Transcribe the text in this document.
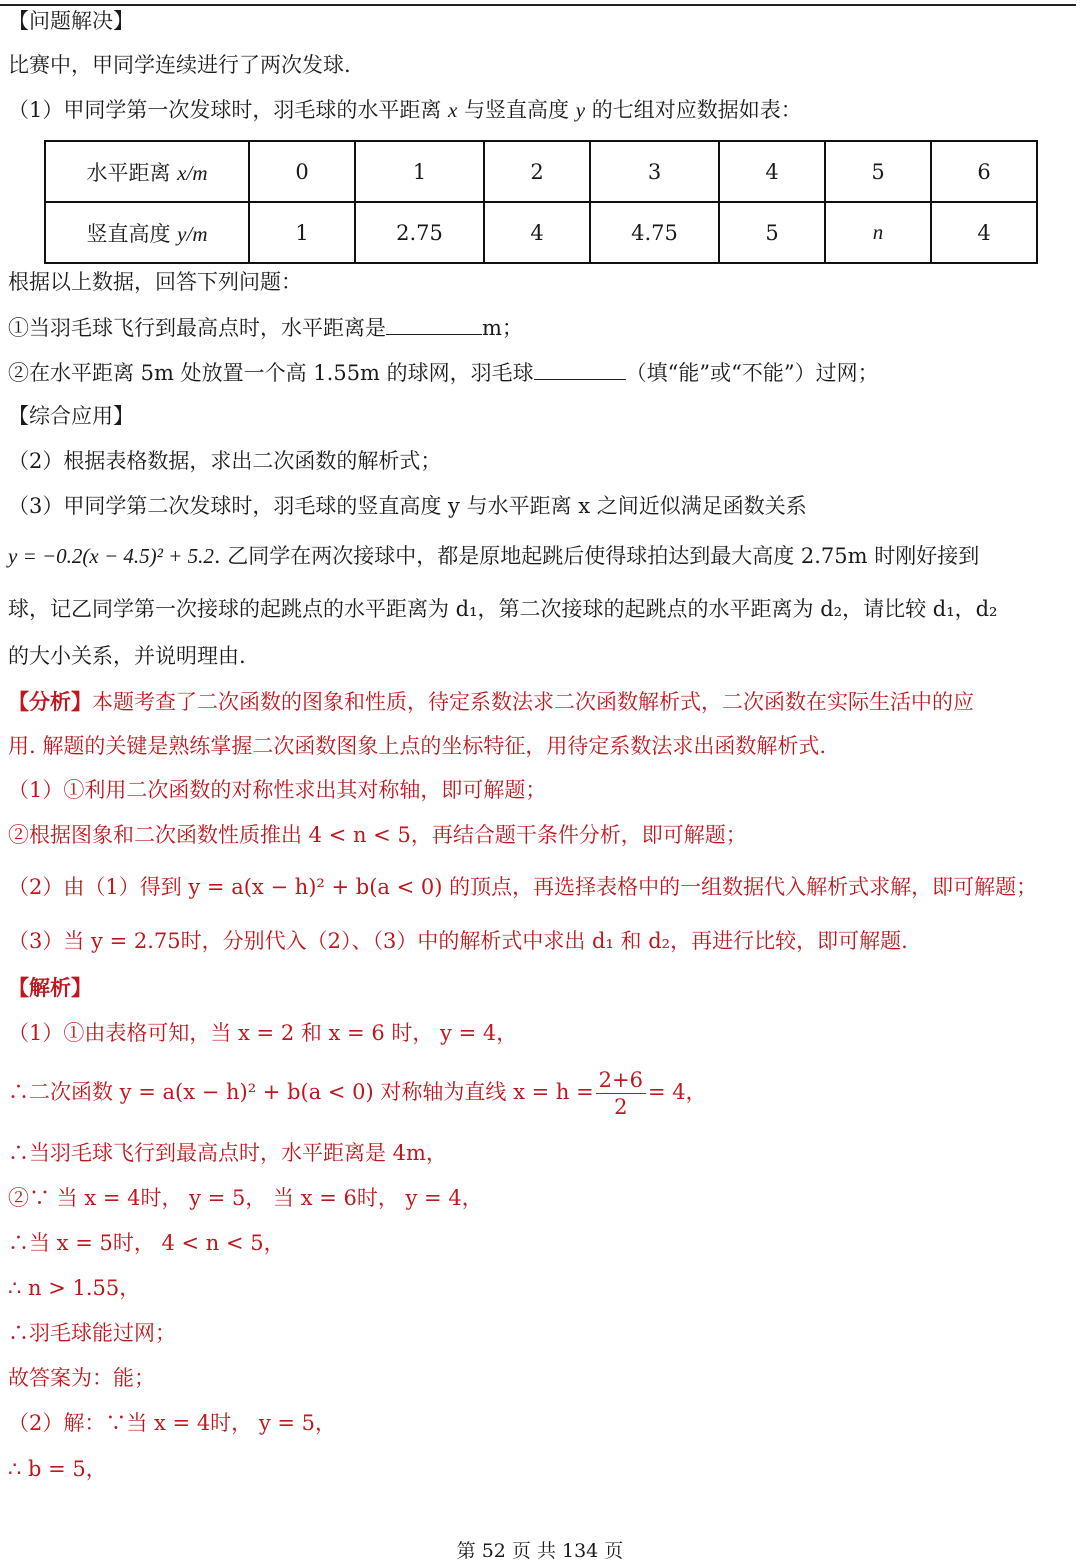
【问题解决】
比赛中，甲同学连续进行了两次发球.
（1）甲同学第一次发球时，羽毛球的水平距离 x 与竖直高度 y 的七组对应数据如表：
水平距离 x/m	0	1	2	3	4	5	6
竖直高度 y/m	1	2.75	4	4.75	5	n	4
根据以上数据，回答下列问题：
①当羽毛球飞行到最高点时，水平距离是	m；
②在水平距离 5m 处放置一个高 1.55m 的球网，羽毛球	（填“能”或“不能”）过网；
【综合应用】
（2）根据表格数据，求出二次函数的解析式；
（3）甲同学第二次发球时，羽毛球的竖直高度 y 与水平距离 x 之间近似满足函数关系
y = −0.2(x − 4.5)² + 5.2. 乙同学在两次接球中，都是原地起跳后使得球拍达到最大高度 2.75m 时刚好接到
球，记乙同学第一次接球的起跳点的水平距离为 d₁，第二次接球的起跳点的水平距离为 d₂，请比较 d₁，d₂
的大小关系，并说明理由.
【分析】本题考查了二次函数的图象和性质，待定系数法求二次函数解析式，二次函数在实际生活中的应
用. 解题的关键是熟练掌握二次函数图象上点的坐标特征，用待定系数法求出函数解析式.
（1）①利用二次函数的对称性求出其对称轴，即可解题；
②根据图象和二次函数性质推出 4 < n < 5，再结合题干条件分析，即可解题；
（2）由（1）得到 y = a(x − h)² + b(a < 0) 的顶点，再选择表格中的一组数据代入解析式求解，即可解题；
（3）当 y = 2.75时，分别代入（2）、（3）中的解析式中求出 d₁ 和 d₂，再进行比较，即可解题.
【解析】
（1）①由表格可知，当 x = 2 和 x = 6 时， y = 4，
∴二次函数 y = a(x − h)² + b(a < 0) 对称轴为直线 $x = h = \frac{2+6}{2} = 4$，
∴当羽毛球飞行到最高点时，水平距离是 4m，
②∵ 当 x = 4时， y = 5， 当 x = 6时， y = 4，
∴当 x = 5时， 4 < n < 5，
∴ n > 1.55，
∴羽毛球能过网；
故答案为：能；
（2）解：∵当 x = 4时， y = 5，
∴ b = 5，
第 52 页 共 134 页
